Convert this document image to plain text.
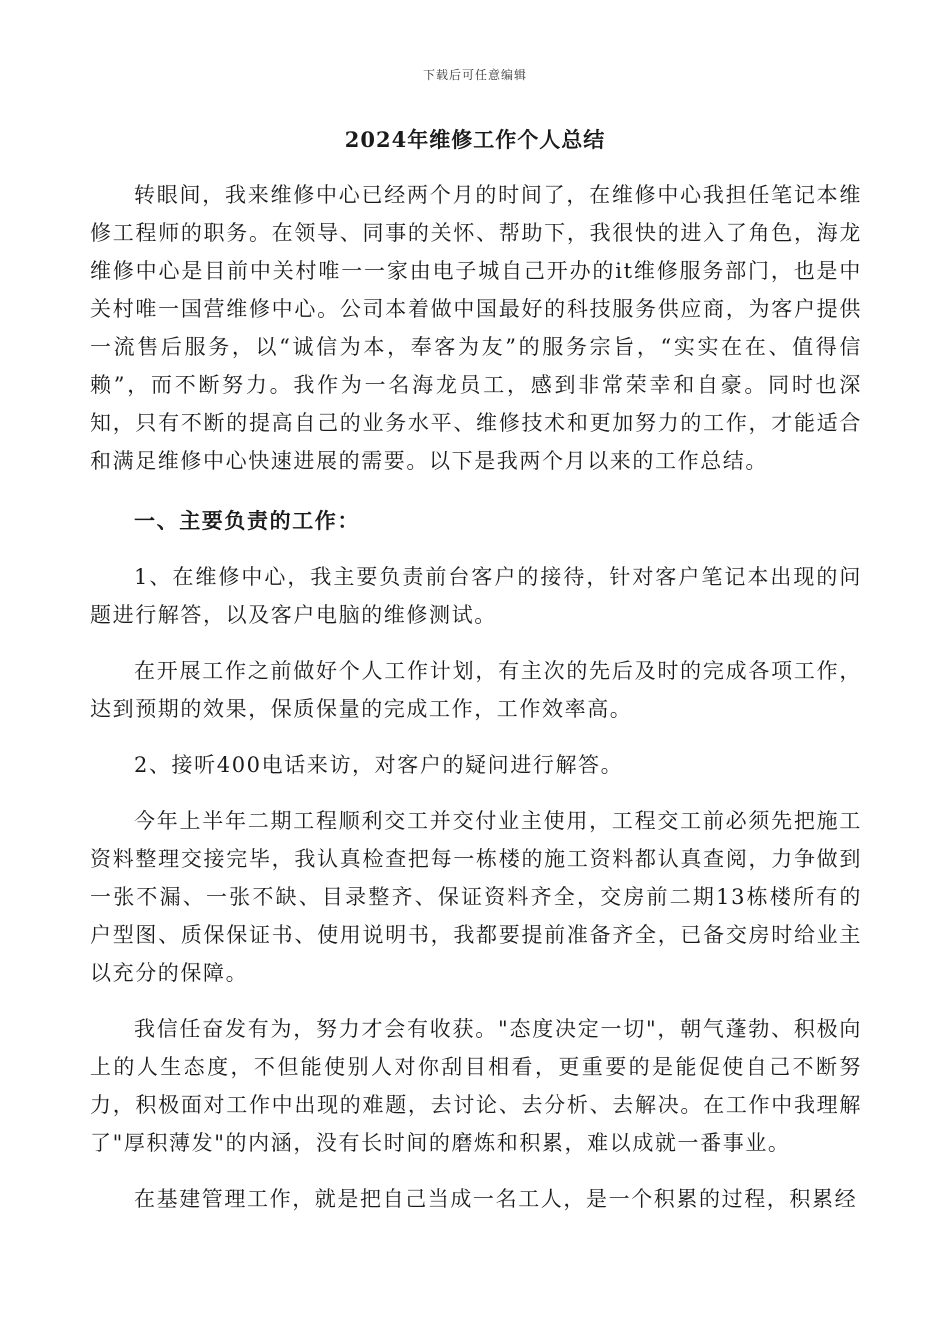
下载后可任意编辑
2024年维修工作个人总结

转眼间，我来维修中心已经两个月的时间了，在维修中心我担任笔记本维修工程师的职务。在领导、同事的关怀、帮助下，我很快的进入了角色，海龙维修中心是目前中关村唯一一家由电子城自己开办的it维修服务部门，也是中关村唯一国营维修中心。公司本着做中国最好的科技服务供应商，为客户提供一流售后服务，以“诚信为本，奉客为友”的服务宗旨，“实实在在、值得信赖”，而不断努力。我作为一名海龙员工，感到非常荣幸和自豪。同时也深知，只有不断的提高自己的业务水平、维修技术和更加努力的工作，才能适合和满足维修中心快速进展的需要。以下是我两个月以来的工作总结。

一、主要负责的工作：

1、在维修中心，我主要负责前台客户的接待，针对客户笔记本出现的问题进行解答，以及客户电脑的维修测试。

在开展工作之前做好个人工作计划，有主次的先后及时的完成各项工作，达到预期的效果，保质保量的完成工作，工作效率高。

2、接听400电话来访，对客户的疑问进行解答。

今年上半年二期工程顺利交工并交付业主使用，工程交工前必须先把施工资料整理交接完毕，我认真检查把每一栋楼的施工资料都认真查阅，力争做到一张不漏、一张不缺、目录整齐、保证资料齐全，交房前二期13栋楼所有的户型图、质保保证书、使用说明书，我都要提前准备齐全，已备交房时给业主以充分的保障。

我信任奋发有为，努力才会有收获。"态度决定一切"，朝气蓬勃、积极向上的人生态度，不但能使别人对你刮目相看，更重要的是能促使自己不断努力，积极面对工作中出现的难题，去讨论、去分析、去解决。在工作中我理解了"厚积薄发"的内涵，没有长时间的磨炼和积累，难以成就一番事业。

在基建管理工作，就是把自己当成一名工人，是一个积累的过程，积累经
